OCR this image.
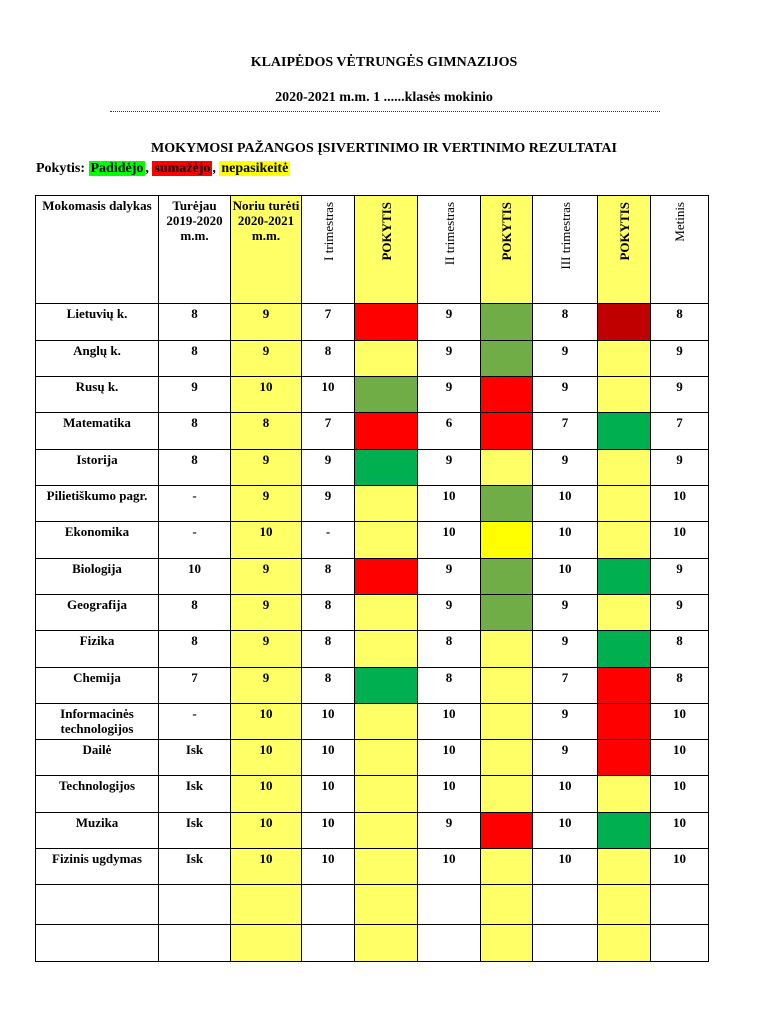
KLAIPĖDOS VĖTRUNGĖS GIMNAZIJOS
2020-2021 m.m. 1 ......klasės mokinio
MOKYMOSI PAŽANGOS ĮSIVERTINIMO IR VERTINIMO REZULTATAI
Pokytis: Padidėjo , sumažėjo , nepasikeitė
Mokomasis dalykas	Turėjau 2019-2020 m.m.	Noriu turėti 2020-2021 m.m.	I trimestras	POKYTIS	II trimestras	POKYTIS	III trimestras	POKYTIS	Metinis

Lietuvių k.	8	9	7		9		8		8
Anglų k.	8	9	8		9		9		9
Rusų k.	9	10	10		9		9		9
Matematika	8	8	7		6		7		7
Istorija	8	9	9		9		9		9
Pilietiškumo pagr.	-	9	9		10		10		10
Ekonomika	-	10	-		10		10		10
Biologija	10	9	8		9		10		9
Geografija	8	9	8		9		9		9
Fizika	8	9	8		8		9		8
Chemija	7	9	8		8		7		8
Informacinės technologijos	-	10	10		10		9		10
Dailė	Isk	10	10		10		9		10
Technologijos	Isk	10	10		10		10		10
Muzika	Isk	10	10		9		10		10
Fizinis ugdymas	Isk	10	10		10		10		10
